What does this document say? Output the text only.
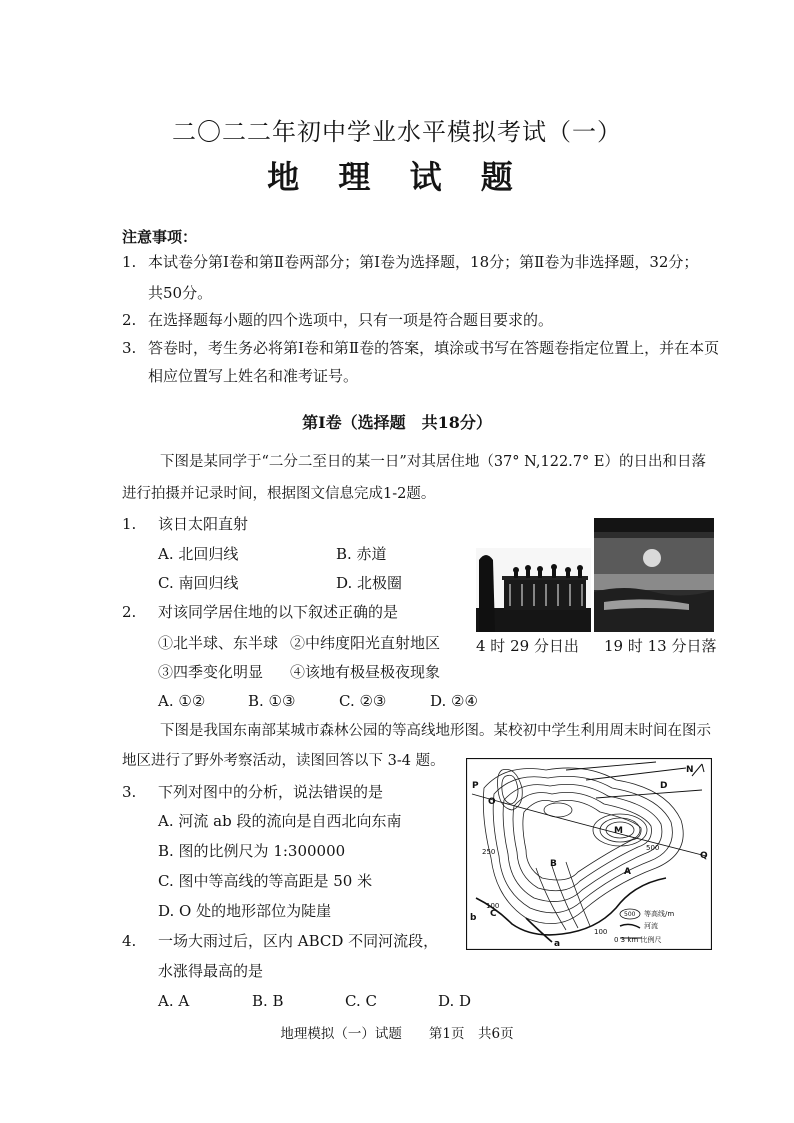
二〇二二年初中学业水平模拟考试（一）
地 理 试 题
注意事项：
1. 本试卷分第Ⅰ卷和第Ⅱ卷两部分；第Ⅰ卷为选择题，18分；第Ⅱ卷为非选择题，32分；
共50分。
2. 在选择题每小题的四个选项中，只有一项是符合题目要求的。
3. 答卷时，考生务必将第Ⅰ卷和第Ⅱ卷的答案，填涂或书写在答题卷指定位置上，并在本页
相应位置写上姓名和准考证号。
第Ⅰ卷（选择题　共18分）
下图是某同学于“二分二至日的某一日”对其居住地（37° N,122.7° E）的日出和日落
进行拍摄并记录时间，根据图文信息完成1-2题。
1. 该日太阳直射
A. 北回归线	B. 赤道
C. 南回归线	D. 北极圈
2. 对该同学居住地的以下叙述正确的是
①北半球、东半球 ②中纬度阳光直射地区
③四季变化明显 ④该地有极昼极夜现象
A. ①②	B. ①③	C. ②③	D. ②④
4 时 29 分日出 19 时 13 分日落
下图是我国东南部某城市森林公园的等高线地形图。某校初中学生利用周末时间在图示
地区进行了野外考察活动，读图回答以下 3-4 题。
3. 下列对图中的分析，说法错误的是
A. 河流 ab 段的流向是自西北向东南
B. 图的比例尺为 1:300000
C. 图中等高线的等高距是 50 米
D. O 处的地形部位为陡崖
4. 一场大雨过后，区内 ABCD 不同河流段，
水涨得最高的是
A. A	B. B	C. C	D. D
P
O
M
Q
A
B
C
D
N
a
b
250	500
100
100
500 等高线/m
河流
0 3 km 比例尺
地理模拟（一）试题　　第1页　共6页
